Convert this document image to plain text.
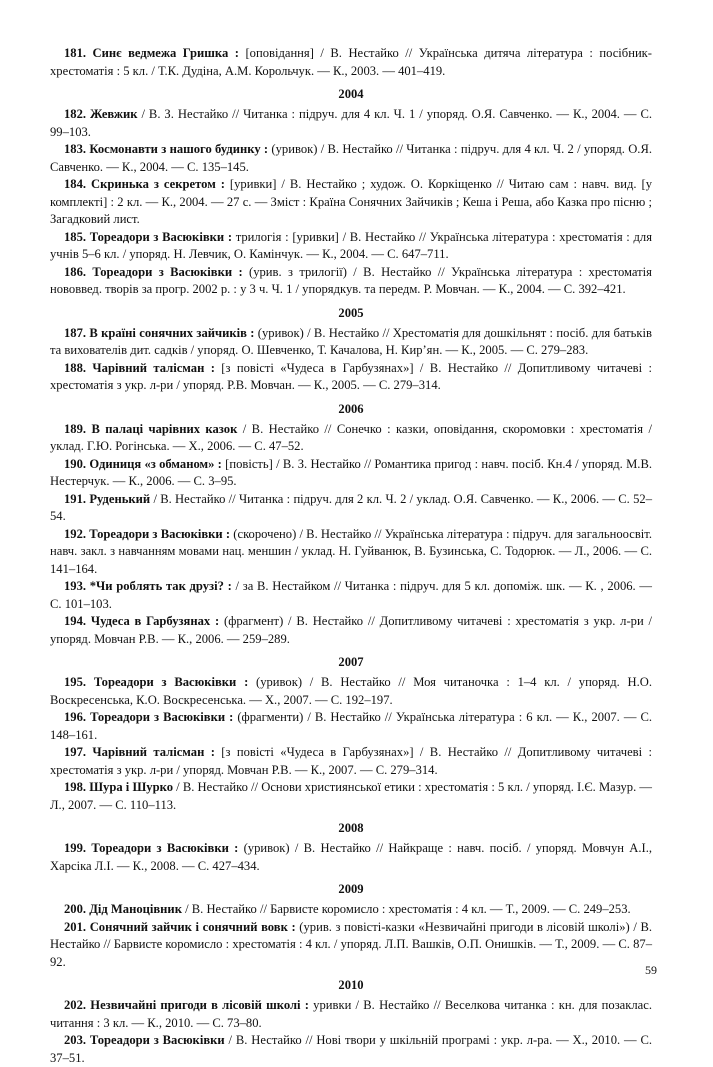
181. Синє ведмежа Гришка : [оповідання] / В. Нестайко // Українська дитяча література : посібник-хрестоматія : 5 кл. / Т.К. Дудіна, А.М. Корольчук. — К., 2003. — 401–419.

2004

182. Жевжик / В. З. Нестайко // Читанка : підруч. для 4 кл. Ч. 1 / упоряд. О.Я. Савченко. — К., 2004. — С. 99–103.

183. Космонавти з нашого будинку : (уривок) / В. Нестайко // Читанка : підруч. для 4 кл. Ч. 2 / упоряд. О.Я. Савченко. — К., 2004. — С. 135–145.

184. Скринька з секретом : [уривки] / В. Нестайко ; худож. О. Коркіщенко // Читаю сам : навч. вид. [у комплекті] : 2 кл. — К., 2004. — 27 с. — Зміст : Країна Сонячних Зайчиків ; Кеша і Реша, або Казка про пісню ; Загадковий лист.

185. Тореадори з Васюківки : трилогія : [уривки] / В. Нестайко // Українська література : хрестоматія : для учнів 5–6 кл. / упоряд. Н. Левчик, О. Камінчук. — К., 2004. — С. 647–711.

186. Тореадори з Васюківки : (урив. з трилогії) / В. Нестайко // Українська література : хрестоматія нововвед. творів за прогр. 2002 р. : у 3 ч. Ч. 1 / упорядкув. та передм. Р. Мовчан. — К., 2004. — С. 392–421.

2005

187. В країні сонячних зайчиків : (уривок) / В. Нестайко // Хрестоматія для дошкільнят : посіб. для батьків та вихователів дит. садків / упоряд. О. Шевченко, Т. Качалова, Н. Кир’ян. — К., 2005. — С. 279–283.

188. Чарівний талісман : [з повісті «Чудеса в Гарбузянах»] / В. Нестайко // Допитливому читачеві : хрестоматія з укр. л-ри / упоряд. Р.В. Мовчан. — К., 2005. — С. 279–314.

2006

189. В палаці чарівних казок / В. Нестайко // Сонечко : казки, оповідання, скоромовки : хрестоматія / уклад. Г.Ю. Рогінська. — Х., 2006. — С. 47–52.

190. Одиниця «з обманом» : [повість] / В. З. Нестайко // Романтика пригод : навч. посіб. Кн.4 / упоряд. М.В. Нестерчук. — К., 2006. — С. 3–95.

191. Руденький / В. Нестайко // Читанка : підруч. для 2 кл. Ч. 2 / уклад. О.Я. Савченко. — К., 2006. — С. 52–54.

192. Тореадори з Васюківки : (скорочено) / В. Нестайко // Українська література : підруч. для загальноосвіт. навч. закл. з навчанням мовами нац. меншин / уклад. Н. Гуйванюк, В. Бузинська, С. Тодорюк. — Л., 2006. — С. 141–164.

193. *Чи роблять так друзі? : / за В. Нестайком // Читанка : підруч. для 5 кл. допоміж. шк. — К. , 2006. — С. 101–103.

194. Чудеса в Гарбузянах : (фрагмент) / В. Нестайко // Допитливому читачеві : хрестоматія з укр. л-ри / упоряд. Мовчан Р.В. — К., 2006. — 259–289.

2007

195. Тореадори з Васюківки : (уривок) / В. Нестайко // Моя читаночка : 1–4 кл. / упоряд. Н.О. Воскресенська, К.О. Воскресенська. — Х., 2007. — С. 192–197.

196. Тореадори з Васюківки : (фрагменти) / В. Нестайко // Українська література : 6 кл. — К., 2007. — С. 148–161.

197. Чарівний талісман : [з повісті «Чудеса в Гарбузянах»] / В. Нестайко // Допитливому читачеві : хрестоматія з укр. л-ри / упоряд. Мовчан Р.В. — К., 2007. — С. 279–314.

198. Шура і Шурко / В. Нестайко // Основи християнської етики : хрестоматія : 5 кл. / упоряд. І.Є. Мазур. — Л., 2007. — С. 110–113.

2008

199. Тореадори з Васюківки : (уривок) / В. Нестайко // Найкраще : навч. посіб. / упоряд. Мовчун А.І., Харсіка Л.І. — К., 2008. — С. 427–434.

2009

200. Дід Маноцівник / В. Нестайко // Барвисте коромисло : хрестоматія : 4 кл. — Т., 2009. — С. 249–253.

201. Сонячний зайчик і сонячний вовк : (урив. з повісті-казки «Незвичайні пригоди в лісовій школі») / В. Нестайко // Барвисте коромисло : хрестоматія : 4 кл. / упоряд. Л.П. Вашків, О.П. Онишків. — Т., 2009. — С. 87–92.

2010

202. Незвичайні пригоди в лісовій школі : уривки / В. Нестайко // Веселкова читанка : кн. для позаклас. читання : 3 кл. — К., 2010. — С. 73–80.

203. Тореадори з Васюківки / В. Нестайко // Нові твори у шкільній програмі : укр. л-ра. — Х., 2010. — С. 37–51.

59
